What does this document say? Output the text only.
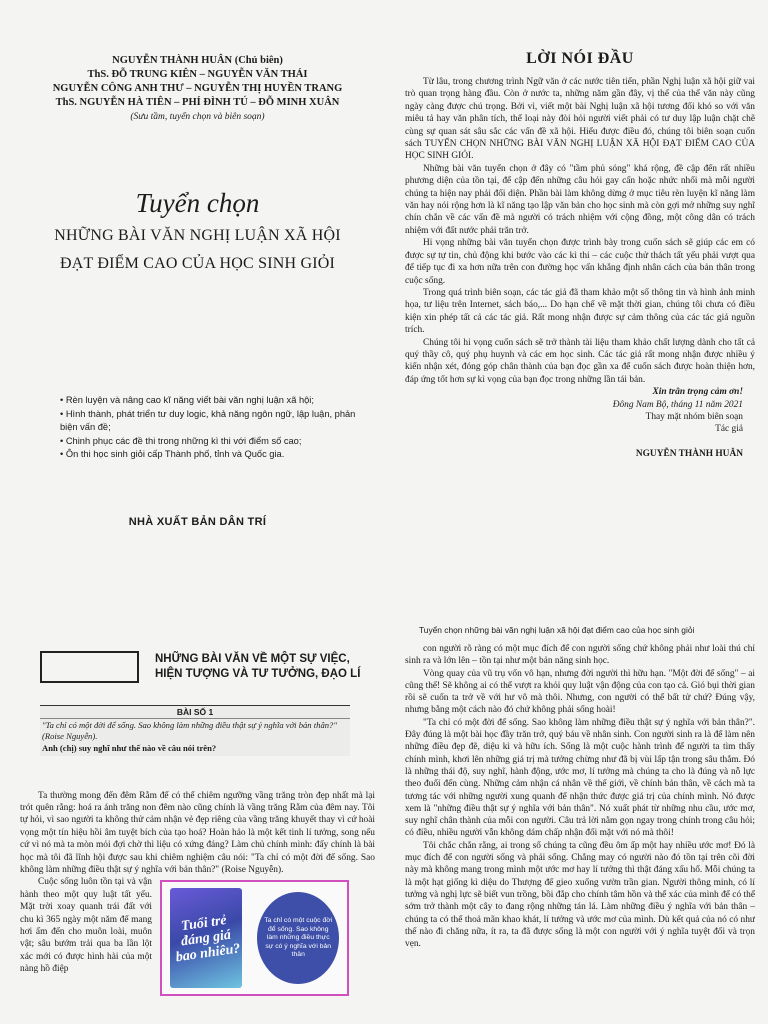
NGUYỄN THÀNH HUÂN (Chủ biên)
ThS. ĐỖ TRUNG KIÊN – NGUYỄN VĂN THÁI
NGUYỄN CÔNG ANH THƯ – NGUYỄN THỊ HUYỀN TRANG
ThS. NGUYỄN HÀ TIÊN – PHÍ ĐÌNH TÚ – ĐỖ MINH XUÂN
(Sưu tầm, tuyển chọn và biên soạn)
Tuyển chọn
NHỮNG BÀI VĂN NGHỊ LUẬN XÃ HỘI
ĐẠT ĐIỂM CAO CỦA HỌC SINH GIỎI
• Rèn luyện và nâng cao kĩ năng viết bài văn nghị luận xã hội;
• Hình thành, phát triển tư duy logic, khả năng ngôn ngữ, lập luận, phản biện vấn đề;
• Chinh phục các đề thi trong những kì thi với điểm số cao;
• Ôn thi học sinh giỏi cấp Thành phố, tỉnh và Quốc gia.
NHÀ XUẤT BẢN DÂN TRÍ
LỜI NÓI ĐẦU

Từ lâu, trong chương trình Ngữ văn ở các nước tiên tiến, phần Nghị luận xã hội giữ vai trò quan trọng hàng đầu. Còn ở nước ta, những năm gần đây, vị thế của thể văn này cũng ngày càng được chú trọng. Bởi vì, viết một bài Nghị luận xã hội tương đối khó so với văn miêu tả hay văn phân tích, thể loại này đòi hỏi người viết phải có tư duy lập luận chặt chẽ cùng sự quan sát sâu sắc các vấn đề xã hội. Hiểu được điều đó, chúng tôi biên soạn cuốn sách TUYỂN CHỌN NHỮNG BÀI VĂN NGHỊ LUẬN XÃ HỘI ĐẠT ĐIỂM CAO CỦA HỌC SINH GIỎI.

Những bài văn tuyển chọn ở đây có "tầm phủ sóng" khá rộng, đề cập đến rất nhiều phương diện của tồn tại, để cập đến những câu hỏi gay cấn hoặc nhức nhối mà mỗi người chúng ta hiện nay phải đối diện. Phần bài làm không dừng ở mục tiêu rèn luyện kĩ năng làm văn hay nói rộng hơn là kĩ năng tạo lập văn bản cho học sinh mà còn gợi mở những suy nghĩ chín chắn về các vấn đề mà người có trách nhiệm với cộng đồng, một công dân có trách nhiệm với đất nước phải trăn trở.

Hi vọng những bài văn tuyển chọn được trình bày trong cuốn sách sẽ giúp các em có được sự tự tin, chủ động khi bước vào các kì thi – các cuộc thử thách tất yếu phải vượt qua để tiếp tục đi xa hơn nữa trên con đường học vấn khẳng định nhân cách của bản thân trong cuộc sống.

Trong quá trình biên soạn, các tác giả đã tham khảo một số thông tin và hình ảnh minh họa, tư liệu trên Internet, sách báo,... Do hạn chế về mặt thời gian, chúng tôi chưa có điều kiện xin phép tất cả các tác giả. Rất mong nhận được sự cảm thông của các tác giả nguồn trích.

Chúng tôi hi vọng cuốn sách sẽ trở thành tài liệu tham khảo chất lượng dành cho tất cả quý thầy cô, quý phụ huynh và các em học sinh. Các tác giả rất mong nhận được nhiều ý kiến nhận xét, đóng góp chân thành của bạn đọc gần xa để cuốn sách được hoàn thiện hơn, đáp ứng tốt hơn sự kì vọng của bạn đọc trong những lần tái bản.

Xin trân trọng cảm ơn!
Đông Nam Bộ, tháng 11 năm 2021
Thay mặt nhóm biên soạn
Tác giả
NGUYỄN THÀNH HUÂN
NHỮNG BÀI VĂN VỀ MỘT SỰ VIỆC,
HIỆN TƯỢNG VÀ TƯ TƯỞNG, ĐẠO LÍ
BÀI SỐ 1
"Ta chỉ có một đời để sống. Sao không làm những điều thật sự ý nghĩa với bản thân?" (Roise Nguyễn).
Anh (chị) suy nghĩ như thế nào về câu nói trên?

Ta thường mong đến đêm Rằm để có thể chiêm ngưỡng vầng trăng tròn đẹp nhất mà lại trót quên rằng: hoá ra ánh trăng non đêm nào cũng chính là vầng trăng Rằm của đêm nay. Tôi tự hỏi, vì sao người ta không thử cảm nhận vẻ đẹp riêng của vầng trăng khuyết thay vì cứ hoài vọng một tín hiệu hồi âm tuyệt bích của tạo hoá? Hoàn hảo là một kết tinh lí tưởng, song nếu cứ vì nó mà ta mòn mỏi đợi chờ thì liệu có xứng đáng? Làm chủ chính mình: đấy chính là bài học mà tôi đã lĩnh hội được sau khi chiêm nghiệm câu nói: "Ta chỉ có một đời để sống. Sao không làm những điều thật sự ý nghĩa với bản thân?" (Roise Nguyễn).

Cuộc sống luôn tồn tại và vận hành theo một quy luật tất yếu. Mặt trời xoay quanh trái đất với chu kì 365 ngày một năm để mang hơi ấm đến cho muôn loài, muôn vật; sâu bướm trải qua ba lần lột xác mới có được hình hài của một nàng hồ điệp

Tuổi trẻ đáng giá bao nhiêu?
Ta chỉ có một cuộc đời để sống. Sao không làm những điều thực sự có ý nghĩa với bản thân
Tuyển chọn những bài văn nghị luận xã hội đạt điểm cao của học sinh giỏi

con người rõ ràng có một mục đích để con người sống chứ không phải như loài thú chỉ sinh ra và lớn lên – tồn tại như một bản năng sinh học.

Vòng quay của vũ trụ vốn vô hạn, nhưng đời người thì hữu hạn. "Một đời để sống" – ai cũng thế! Sẽ không ai có thể vượt ra khỏi quy luật vận động của con tạo cả. Gió bụi thời gian rồi sẽ cuốn ta trở về với hư vô mà thôi. Nhưng, con người có thể bất tử chứ? Đúng vậy, nhưng bằng một cách nào đó chứ không phải sống hoài!

"Ta chỉ có một đời để sống. Sao không làm những điều thật sự ý nghĩa với bản thân?". Đây đúng là một bài học đầy trăn trở, quý báu về nhân sinh. Con người sinh ra là để làm nên những điều đẹp đẽ, diệu kì và hữu ích. Sống là một cuộc hành trình để người ta tìm thấy chính mình, khơi lên những giá trị mà tưởng chừng như đã bị vùi lấp tận trong sâu thẳm. Đó là những thái độ, suy nghĩ, hành động, ước mơ, lí tưởng mà chúng ta cho là đúng và nỗ lực theo đuổi đến cùng. Những cảm nhận cá nhân về thế giới, về chính bản thân, về cách mà ta tương tác với những người xung quanh để nhận thức được giá trị của chính mình. Nó được xem là "những điều thật sự ý nghĩa với bản thân". Nó xuất phát từ những nhu cầu, ước mơ, suy nghĩ chân thành của mỗi con người. Câu trả lời nằm gọn ngay trong chính trong câu hỏi; có điều, nhiều người vẫn không dám chấp nhận đối mặt với nó mà thôi!

Tôi chắc chắn rằng, ai trong số chúng ta cũng đều ôm ấp một hay nhiều ước mơ! Đó là mục đích để con người sống và phải sống. Chẳng may có người nào đó tồn tại trên cõi đời này mà không mang trong mình một ước mơ hay lí tưởng thì thật đáng xấu hổ. Mỗi chúng ta là một hạt giống kì diệu do Thượng đế gieo xuống vườn trần gian. Người thông minh, có lí tưởng và nghị lực sẽ biết vun trồng, bồi đắp cho chính tâm hồn và thể xác của mình để có thể sớm trở thành một cây to đang rộng những tán lá. Làm những điều ý nghĩa với bản thân – chúng ta có thể thoả mãn khao khát, lí tưởng và ước mơ của mình. Dù kết quả của nó có như thế nào đi chăng nữa, ít ra, ta đã được sống là một con người với ý nghĩa tuyệt đối và trọn vẹn.
